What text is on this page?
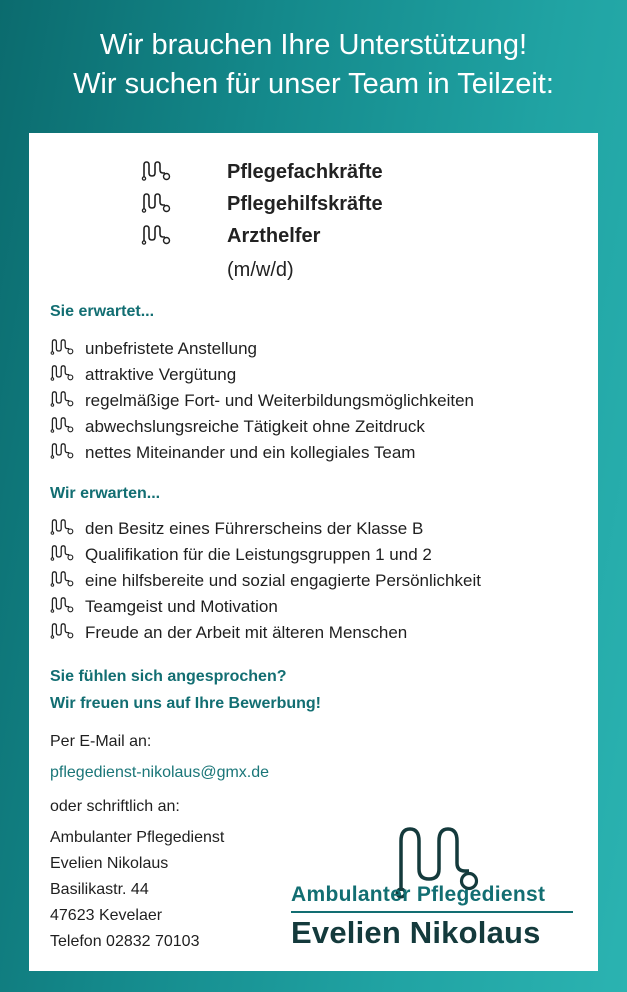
Wir brauchen Ihre Unterstützung!
Wir suchen für unser Team in Teilzeit:
Pflegefachkräfte
Pflegehilfskräfte
Arzthelfer
(m/w/d)
Sie erwartet...
unbefristete Anstellung
attraktive Vergütung
regelmäßige Fort- und Weiterbildungsmöglichkeiten
abwechslungsreiche Tätigkeit ohne Zeitdruck
nettes Miteinander und ein kollegiales Team
Wir erwarten...
den Besitz eines Führerscheins der Klasse B
Qualifikation für die Leistungsgruppen 1 und 2
eine hilfsbereite und sozial engagierte Persönlichkeit
Teamgeist und Motivation
Freude an der Arbeit mit älteren Menschen
Sie fühlen sich angesprochen?
Wir freuen uns auf Ihre Bewerbung!
Per E-Mail an:
pflegedienst-nikolaus@gmx.de
oder schriftlich an:
Ambulanter Pflegedienst
Evelien Nikolaus
Basilikastr. 44
47623 Kevelaer
Telefon 02832 70103
Ambulanter Pflegedienst
Evelien Nikolaus
